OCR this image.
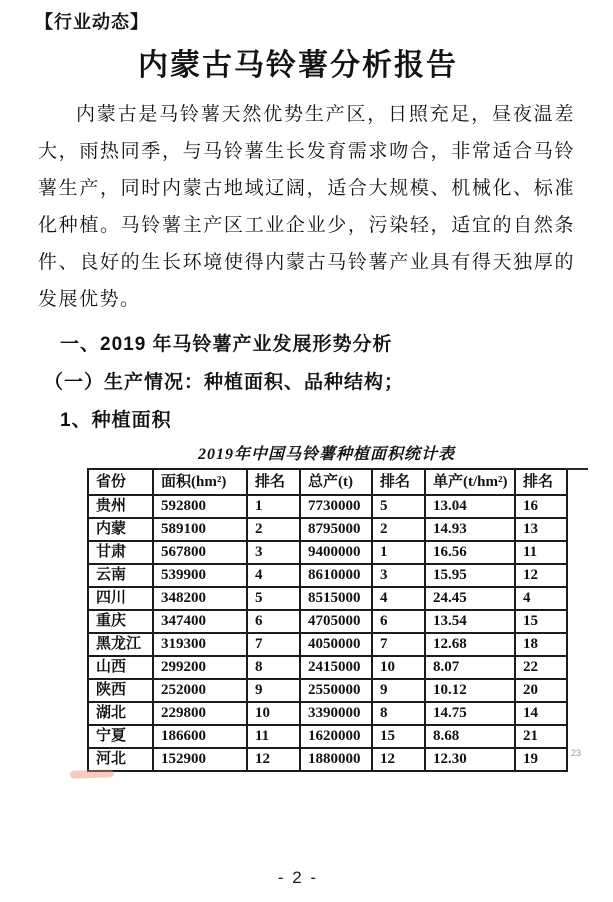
【行业动态】
内蒙古马铃薯分析报告
内蒙古是马铃薯天然优势生产区，日照充足，昼夜温差大，雨热同季，与马铃薯生长发育需求吻合，非常适合马铃薯生产，同时内蒙古地域辽阔，适合大规模、机械化、标准化种植。马铃薯主产区工业企业少，污染轻，适宜的自然条件、良好的生长环境使得内蒙古马铃薯产业具有得天独厚的发展优势。
一、2019 年马铃薯产业发展形势分析
（一）生产情况：种植面积、品种结构；
1、种植面积
2019年中国马铃薯种植面积统计表
省份	面积(hm²)	排名	总产(t)	排名	单产(t/hm²)	排名
贵州	592800	1	7730000	5	13.04	16
内蒙	589100	2	8795000	2	14.93	13
甘肃	567800	3	9400000	1	16.56	11
云南	539900	4	8610000	3	15.95	12
四川	348200	5	8515000	4	24.45	4
重庆	347400	6	4705000	6	13.54	15
黑龙江	319300	7	4050000	7	12.68	18
山西	299200	8	2415000	10	8.07	22
陕西	252000	9	2550000	9	10.12	20
湖北	229800	10	3390000	8	14.75	14
宁夏	186600	11	1620000	15	8.68	21
河北	152900	12	1880000	12	12.30	19	23
- 2 -
